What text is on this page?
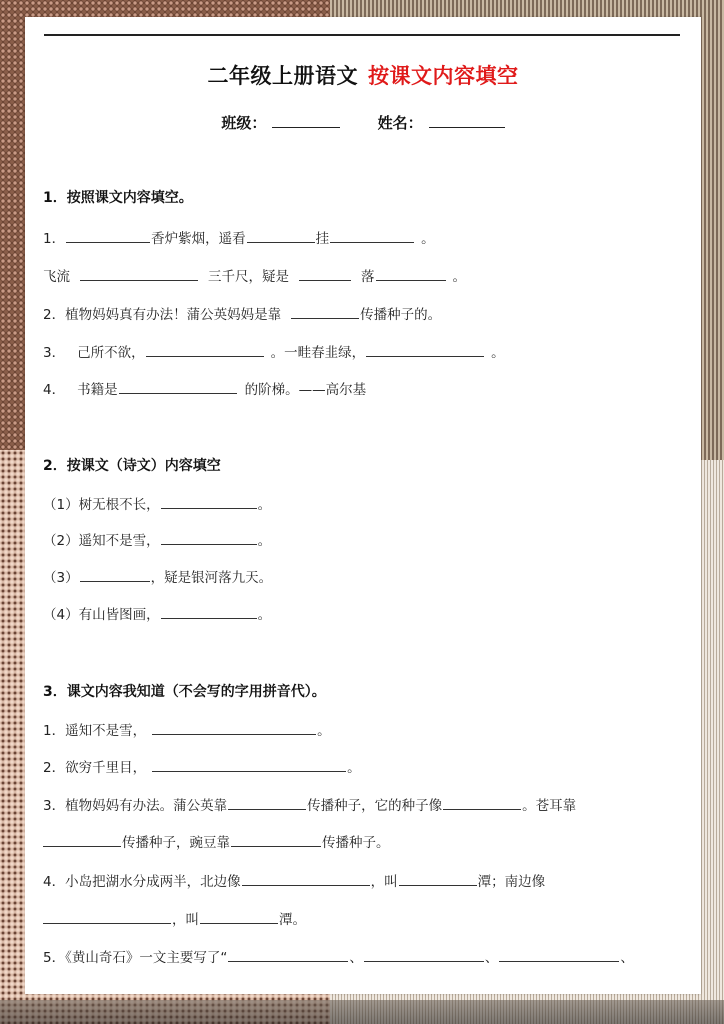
二年级上册语文 按课文内容填空
班级：	姓名：
1．按照课文内容填空。
1．	香炉紫烟，遥看	挂	。
飞流	三千尺，疑是	落	。
2．植物妈妈真有办法！蒲公英妈妈是靠	传播种子的。
3． 己所不欲，	。一畦春韭绿，	。
4． 书籍是	的阶梯。——高尔基
2．按课文（诗文）内容填空
（1）树无根不长，	。
（2）遥知不是雪，	。
（3）	，疑是银河落九天。
（4）有山皆图画，	。
3．课文内容我知道（不会写的字用拼音代）。
1．遥知不是雪，	。
2．欲穷千里目，	。
3．植物妈妈有办法。蒲公英靠	传播种子，它的种子像	。苍耳靠
传播种子，豌豆靠	传播种子。
4．小岛把湖水分成两半，北边像	，叫	潭；南边像
，叫	潭。
5．《黄山奇石》一文主要写了“	、	、	、
